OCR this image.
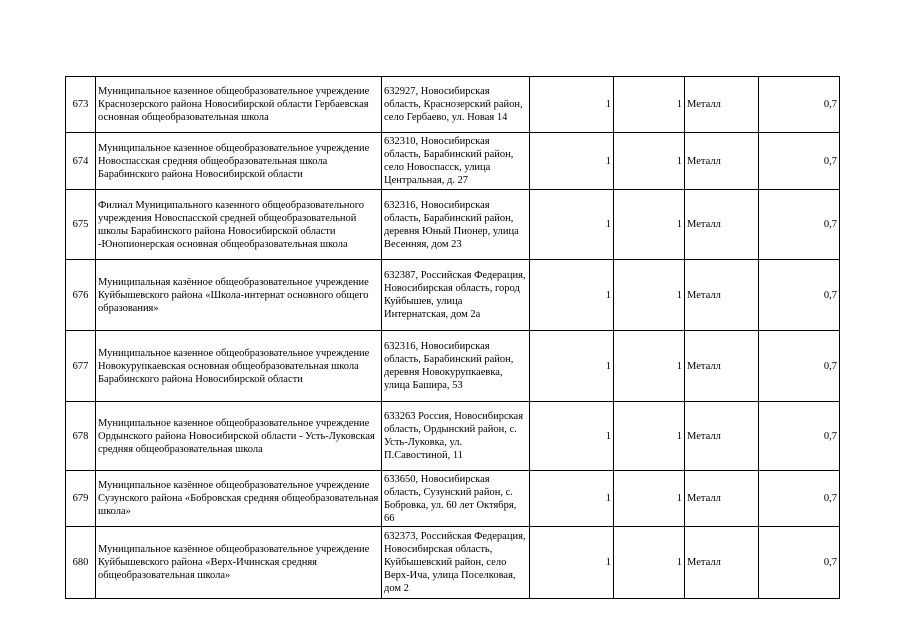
673	Муниципальное казенное общеобразовательное учреждение Краснозерского района Новосибирской области Гербаевская основная общеобразовательная школа	632927, Новосибирская область, Краснозерский район, село Гербаево, ул. Новая 14	1	1	Металл	0,7

674	Муниципальное казенное общеобразовательное учреждение Новоспасская средняя общеобразовательная школа Барабинского района Новосибирской области	632310, Новосибирская область, Барабинский район, село Новоспасск, улица Центральная, д. 27	1	1	Металл	0,7

675	Филиал Муниципального казенного общеобразовательного учреждения Новоспасской средней общеобразовательной школы Барабинского района Новосибирской области -Юнопионерская основная общеобразовательная школа	632316, Новосибирская область, Барабинский район, деревня Юный Пионер, улица Весенняя, дом 23	1	1	Металл	0,7

676	Муниципальная казённое общеобразовательное учреждение Куйбышевского района «Школа-интернат основного общего образования»	632387, Российская Федерация, Новосибирская область, город Куйбышев, улица Интернатская, дом 2а	1	1	Металл	0,7

677	Муниципальное казенное общеобразовательное учреждение Новокурупкаевская основная общеобразовательная школа Барабинского района Новосибирской области	632316, Новосибирская область, Барабинский район, деревня Новокурупкаевка, улица Башира, 53	1	1	Металл	0,7

678	Муниципальное казенное общеобразовательное учреждение Ордынского района Новосибирской области - Усть-Луковская средняя общеобразовательная школа	633263 Россия, Новосибирская область, Ордынский район, с. Усть-Луковка, ул. П.Савостиной, 11	1	1	Металл	0,7

679	Муниципальное казённое общеобразовательное учреждение Сузунского района «Бобровская средняя общеобразовательная школа»	633650, Новосибирская область, Сузунский район, с. Бобровка, ул. 60 лет Октября, 66	1	1	Металл	0,7

680	Муниципальное казённое общеобразовательное учреждение Куйбышевского района «Верх-Ичинская средняя общеобразовательная школа»	632373, Российская Федерация, Новосибирская область, Куйбышевский район, село Верх-Ича, улица Поселковая, дом 2	1	1	Металл	0,7
